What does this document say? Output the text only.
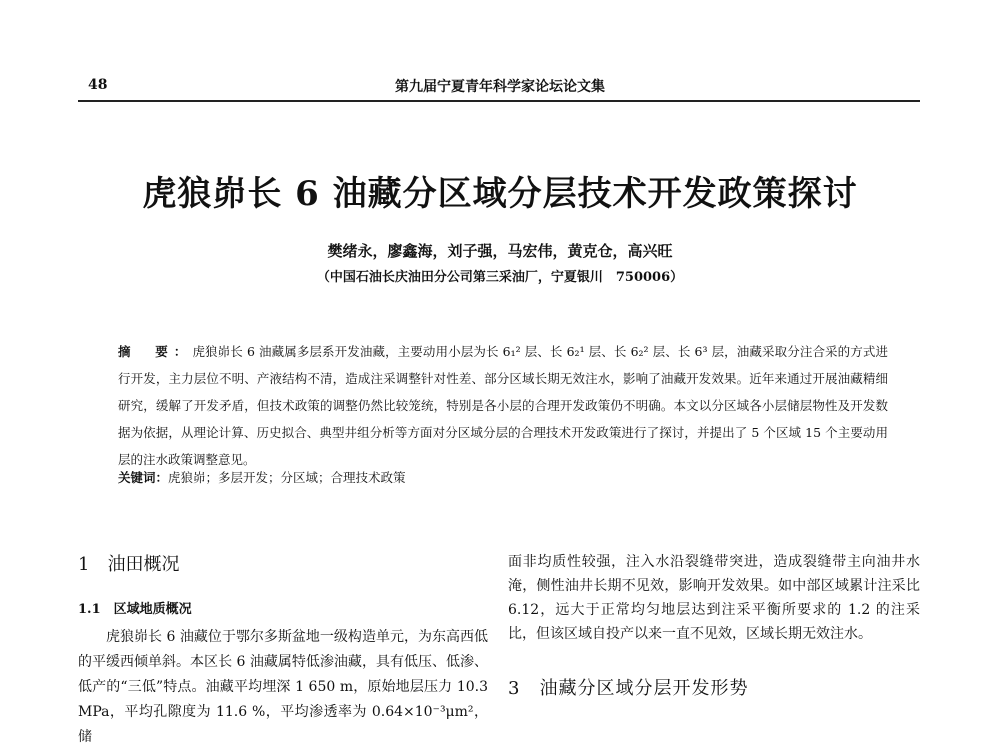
48	第九届宁夏青年科学家论坛论文集
虎狼峁长 6 油藏分区域分层技术开发政策探讨
樊绪永，廖鑫海，刘子强，马宏伟，黄克仓，高兴旺
（中国石油长庆油田分公司第三采油厂，宁夏银川　750006）
摘　要：虎狼峁长 6 油藏属多层系开发油藏，主要动用小层为长 6₁² 层、长 6₂¹ 层、长 6₂² 层、长 6³ 层，油藏采取分注合采的方式进行开发，主力层位不明、产液结构不清，造成注采调整针对性差、部分区域长期无效注水，影响了油藏开发效果。近年来通过开展油藏精细研究，缓解了开发矛盾，但技术政策的调整仍然比较笼统，特别是各小层的合理开发政策仍不明确。本文以分区域各小层储层物性及开发数据为依据，从理论计算、历史拟合、典型井组分析等方面对分区域分层的合理技术开发政策进行了探讨，并提出了 5 个区域 15 个主要动用层的注水政策调整意见。
关键词：虎狼峁；多层开发；分区域；合理技术政策
1　油田概况
1.1　区域地质概况
　　虎狼峁长 6 油藏位于鄂尔多斯盆地一级构造单元，为东高西低的平缓西倾单斜。本区长 6 油藏属特低渗油藏，具有低压、低渗、低产的“三低”特点。油藏平均埋深 1 650 m，原始地层压力 10.3 MPa，平均孔隙度为 11.6 %，平均渗透率为 0.64×10⁻³μm²，储
面非均质性较强，注入水沿裂缝带突进，造成裂缝带主向油井水淹，侧性油井长期不见效，影响开发效果。如中部区域累计注采比 6.12，远大于正常均匀地层达到注采平衡所要求的 1.2 的注采比，但该区域自投产以来一直不见效，区域长期无效注水。
3　油藏分区域分层开发形势
